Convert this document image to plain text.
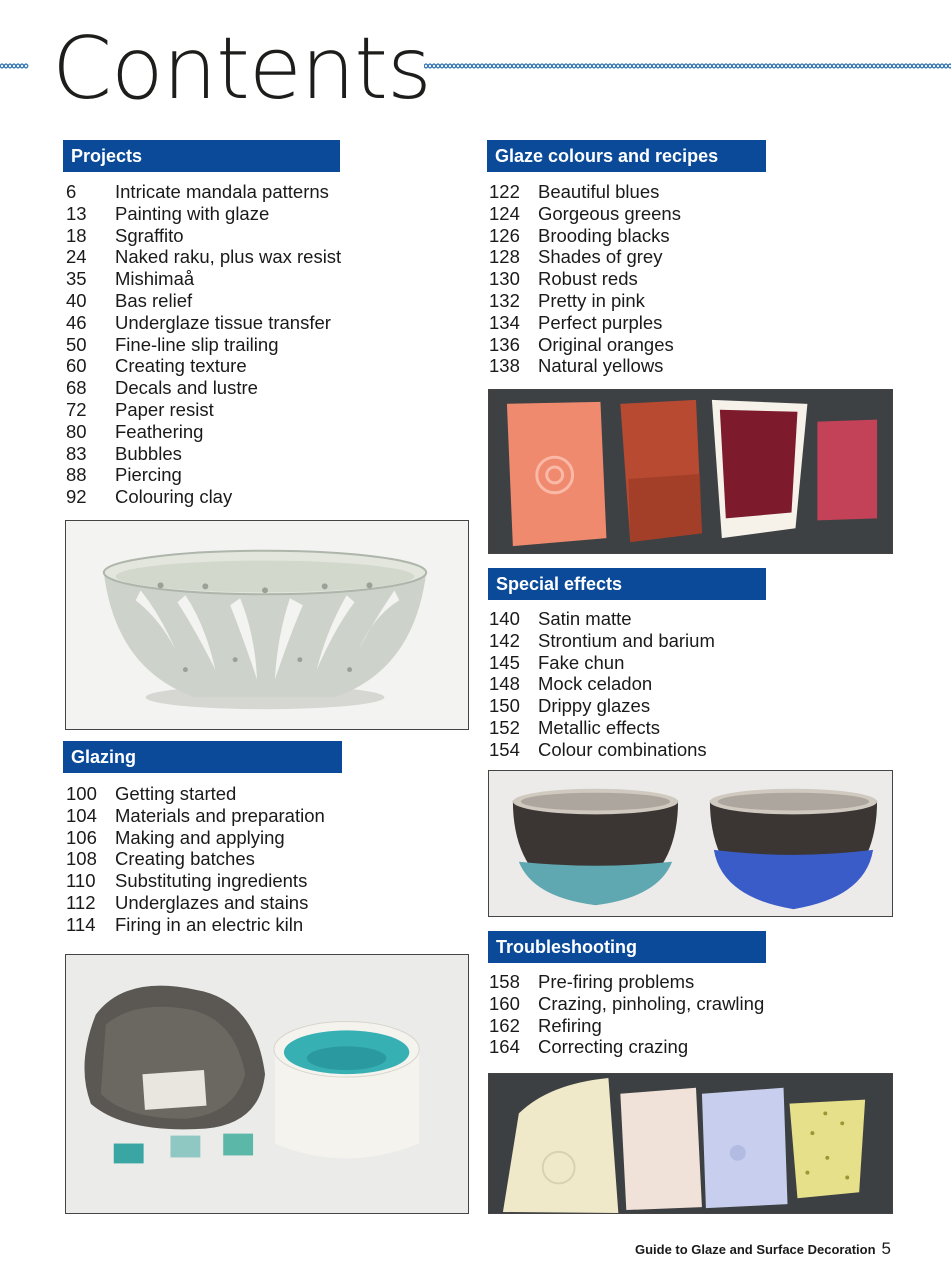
Contents
Projects
6 Intricate mandala patterns
13 Painting with glaze
18 Sgraffito
24 Naked raku, plus wax resist
35 Mishimaå
40 Bas relief
46 Underglaze tissue transfer
50 Fine-line slip trailing
60 Creating texture
68 Decals and lustre
72 Paper resist
80 Feathering
83 Bubbles
88 Piercing
92 Colouring clay
Glazing
100 Getting started
104 Materials and preparation
106 Making and applying
108 Creating batches
110 Substituting ingredients
112 Underglazes and stains
114 Firing in an electric kiln
Glaze colours and recipes
122 Beautiful blues
124 Gorgeous greens
126 Brooding blacks
128 Shades of grey
130 Robust reds
132 Pretty in pink
134 Perfect purples
136 Original oranges
138 Natural yellows
Special effects
140 Satin matte
142 Strontium and barium
145 Fake chun
148 Mock celadon
150 Drippy glazes
152 Metallic effects
154 Colour combinations
Troubleshooting
158 Pre-firing problems
160 Crazing, pinholing, crawling
162 Refiring
164 Correcting crazing
Guide to Glaze and Surface Decoration 5
